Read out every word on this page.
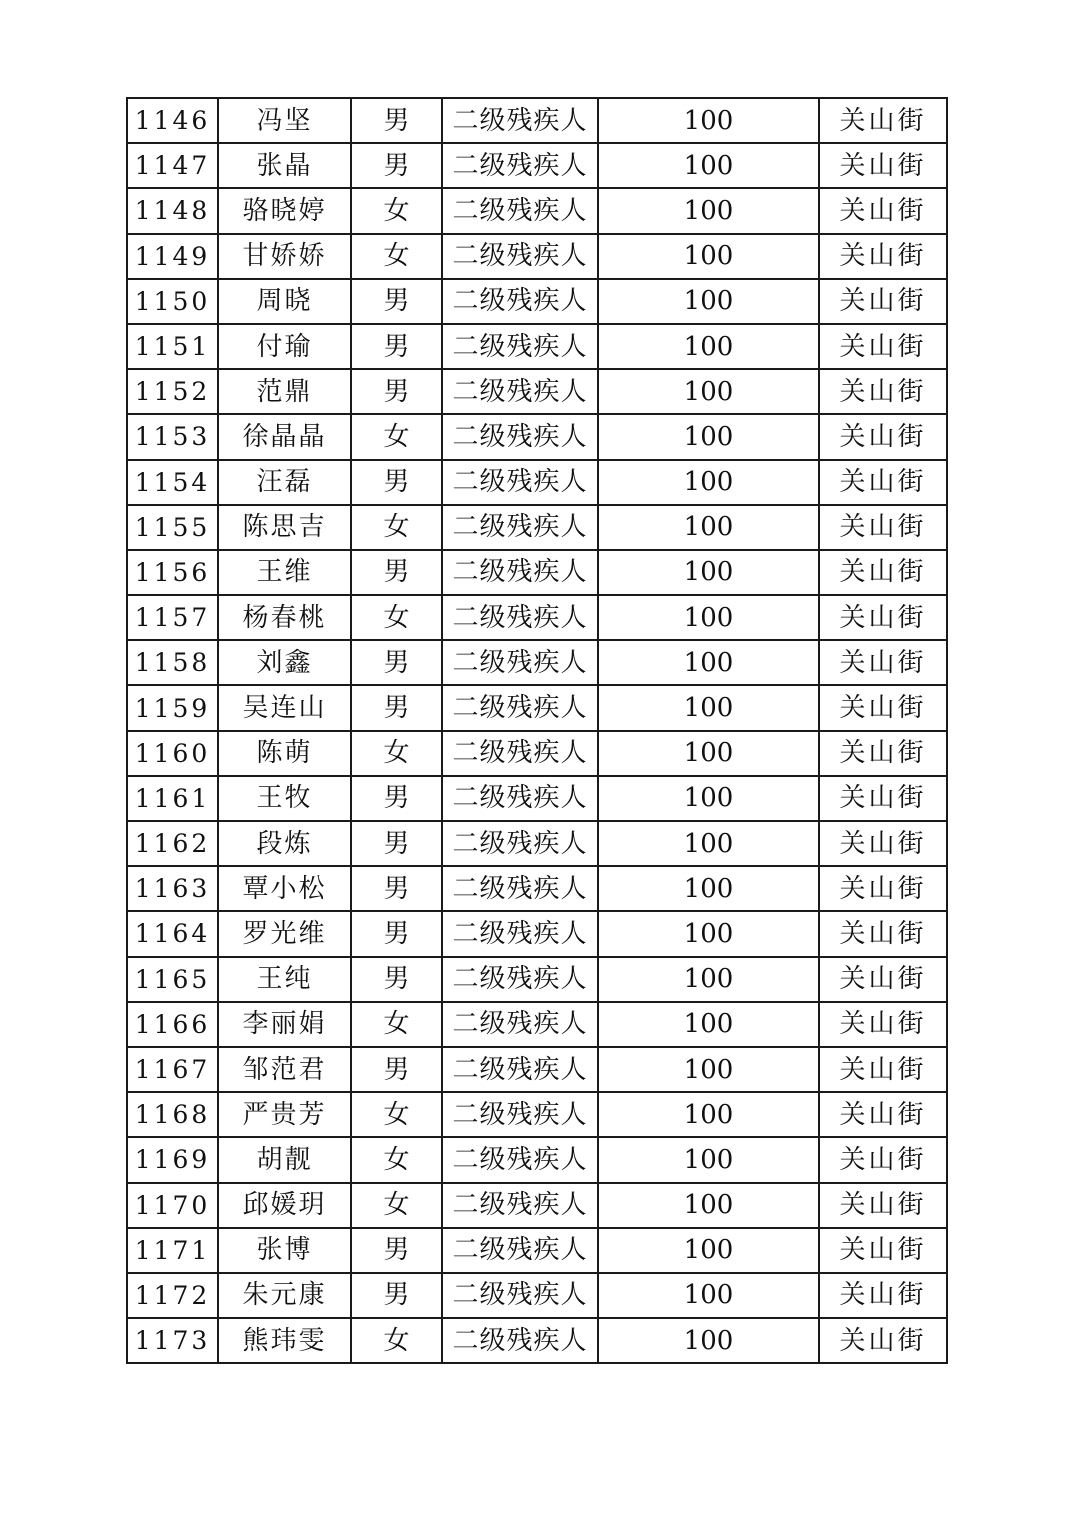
1146	冯坚	男	二级残疾人	100	关山街
1147	张晶	男	二级残疾人	100	关山街
1148	骆晓婷	女	二级残疾人	100	关山街
1149	甘娇娇	女	二级残疾人	100	关山街
1150	周晓	男	二级残疾人	100	关山街
1151	付瑜	男	二级残疾人	100	关山街
1152	范鼎	男	二级残疾人	100	关山街
1153	徐晶晶	女	二级残疾人	100	关山街
1154	汪磊	男	二级残疾人	100	关山街
1155	陈思吉	女	二级残疾人	100	关山街
1156	王维	男	二级残疾人	100	关山街
1157	杨春桃	女	二级残疾人	100	关山街
1158	刘鑫	男	二级残疾人	100	关山街
1159	吴连山	男	二级残疾人	100	关山街
1160	陈萌	女	二级残疾人	100	关山街
1161	王牧	男	二级残疾人	100	关山街
1162	段炼	男	二级残疾人	100	关山街
1163	覃小松	男	二级残疾人	100	关山街
1164	罗光维	男	二级残疾人	100	关山街
1165	王纯	男	二级残疾人	100	关山街
1166	李丽娟	女	二级残疾人	100	关山街
1167	邹范君	男	二级残疾人	100	关山街
1168	严贵芳	女	二级残疾人	100	关山街
1169	胡靓	女	二级残疾人	100	关山街
1170	邱媛玥	女	二级残疾人	100	关山街
1171	张博	男	二级残疾人	100	关山街
1172	朱元康	男	二级残疾人	100	关山街
1173	熊玮雯	女	二级残疾人	100	关山街
